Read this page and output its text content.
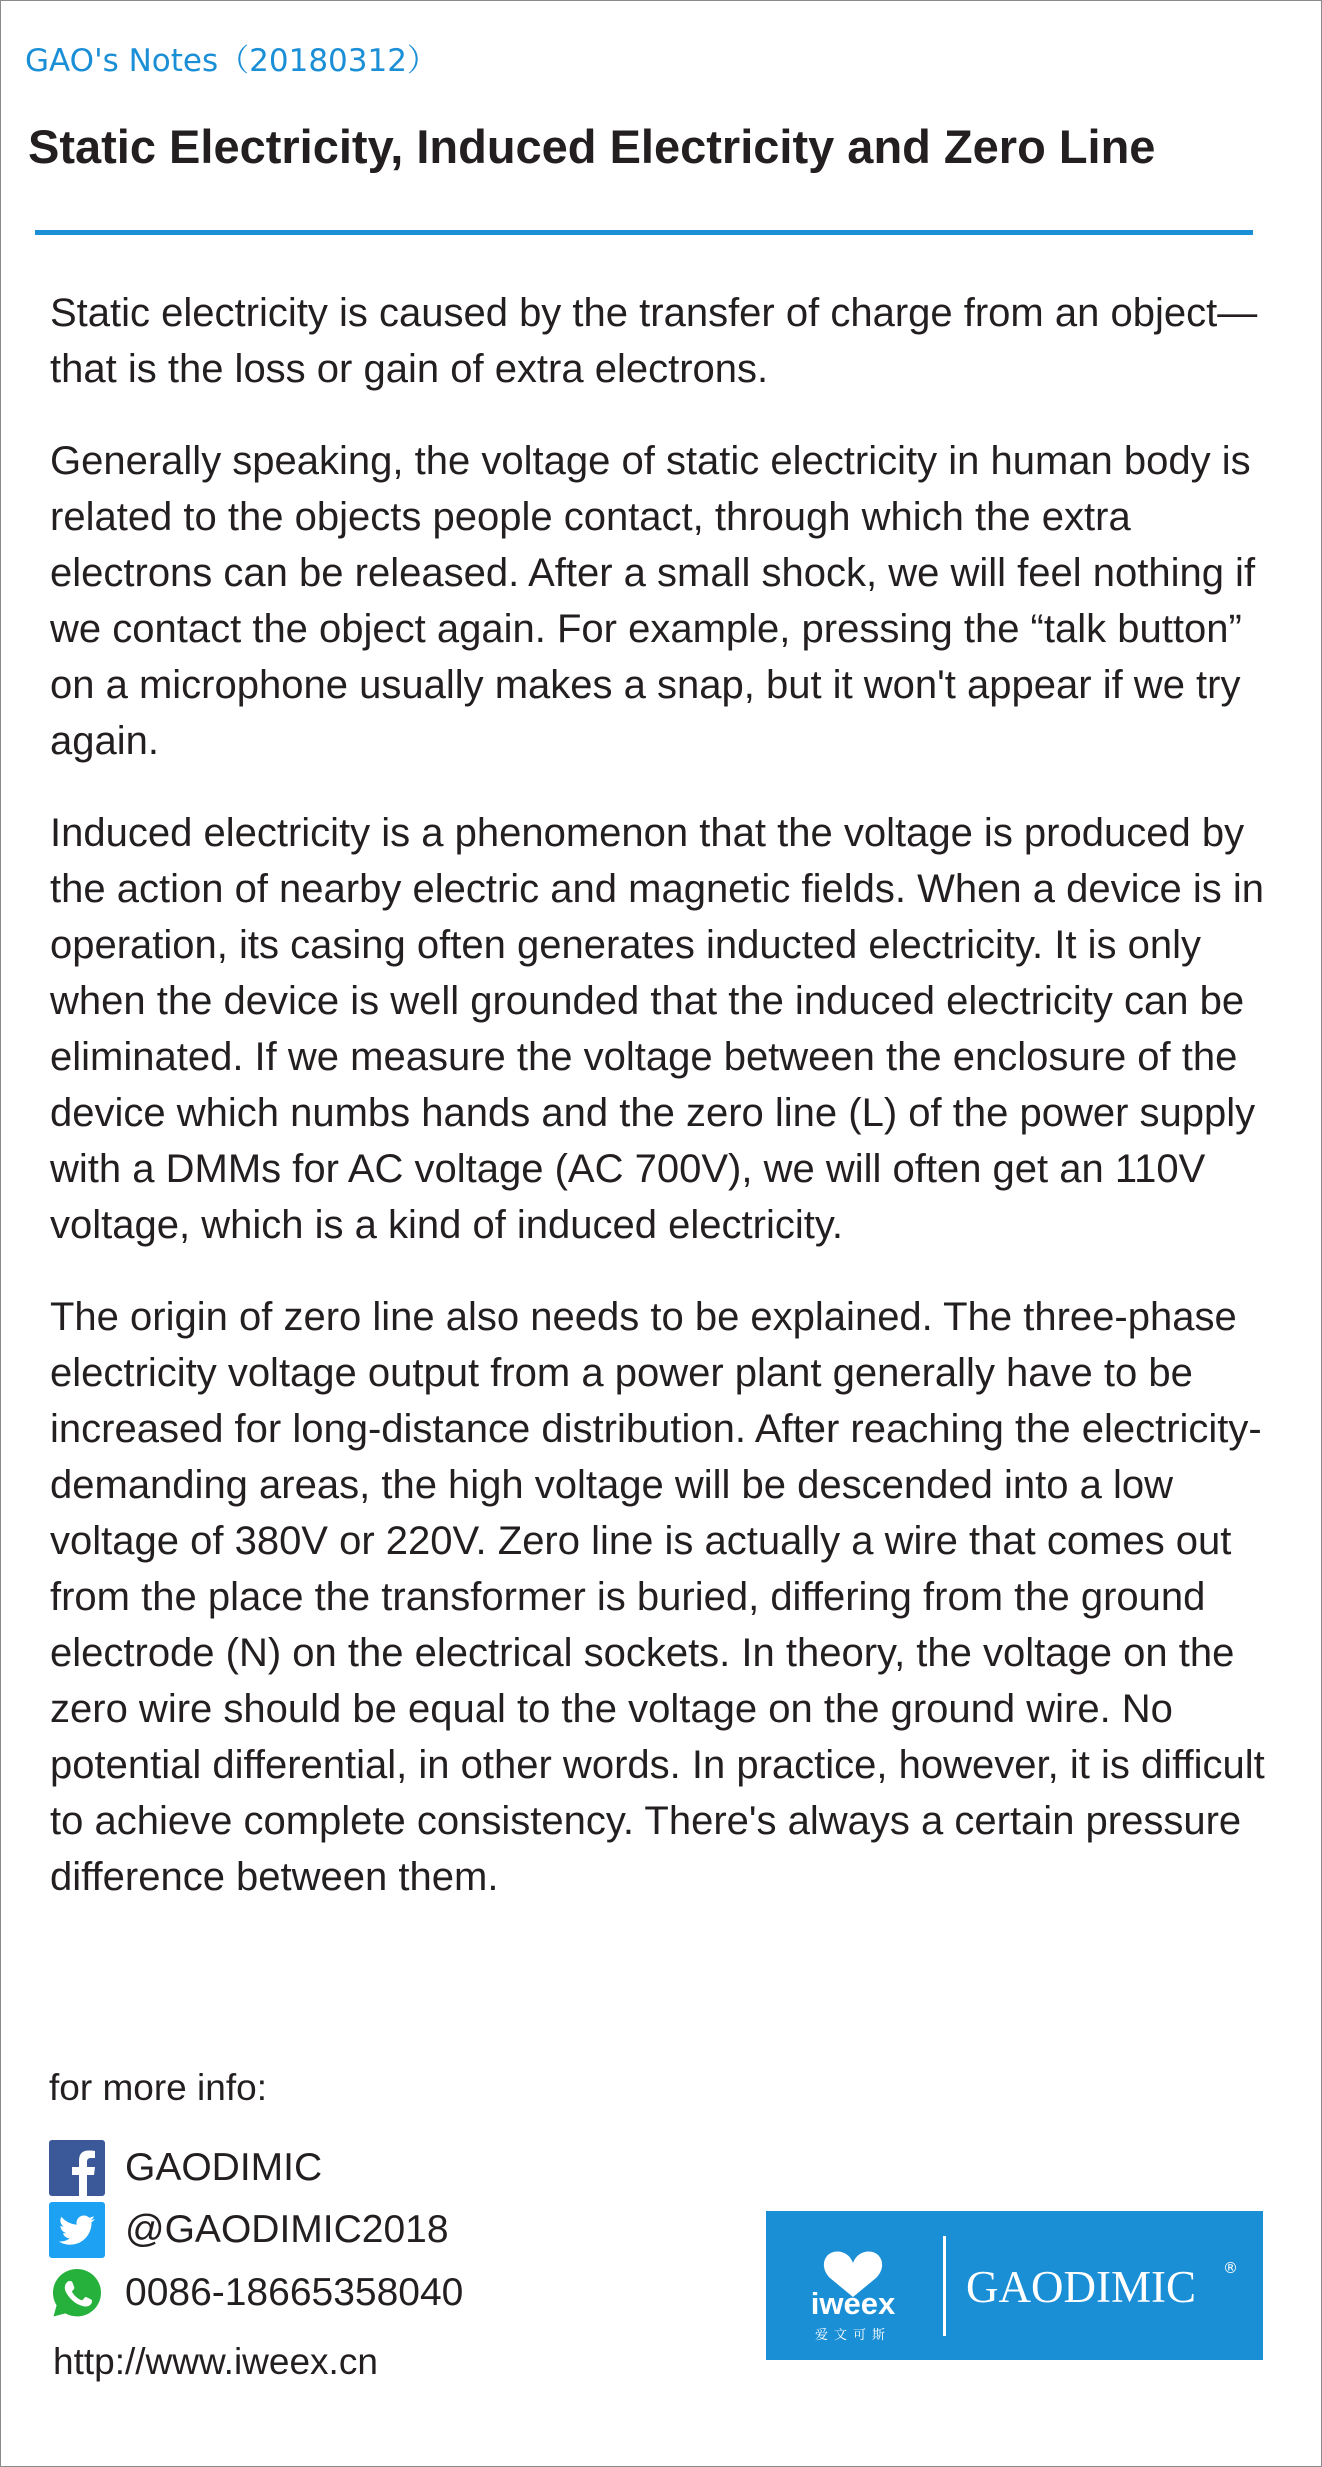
GAO's Notes（20180312）
Static Electricity, Induced Electricity and Zero Line

Static electricity is caused by the transfer of charge from an object—that is the loss or gain of extra electrons.

Generally speaking, the voltage of static electricity in human body is related to the objects people contact, through which the extra electrons can be released. After a small shock, we will feel nothing if we contact the object again. For example, pressing the “talk button” on a microphone usually makes a snap, but it won't appear if we try again.

Induced electricity is a phenomenon that the voltage is produced by the action of nearby electric and magnetic fields. When a device is in operation, its casing often generates inducted electricity. It is only when the device is well grounded that the induced electricity can be eliminated. If we measure the voltage between the enclosure of the device which numbs hands and the zero line (L) of the power supply with a DMMs for AC voltage (AC 700V), we will often get an 110V voltage, which is a kind of induced electricity.

The origin of zero line also needs to be explained. The three-phase electricity voltage output from a power plant generally have to be increased for long-distance distribution. After reaching the electricity-demanding areas, the high voltage will be descended into a low voltage of 380V or 220V. Zero line is actually a wire that comes out from the place the transformer is buried, differing from the ground electrode (N) on the electrical sockets. In theory, the voltage on the zero wire should be equal to the voltage on the ground wire. No potential differential, in other words. In practice, however, it is difficult to achieve complete consistency. There's always a certain pressure difference between them.

for more info:
GAODIMIC
@GAODIMIC2018
0086-18665358040
http://www.iweex.cn
iweex
爱文可斯
GAODIMIC ®
